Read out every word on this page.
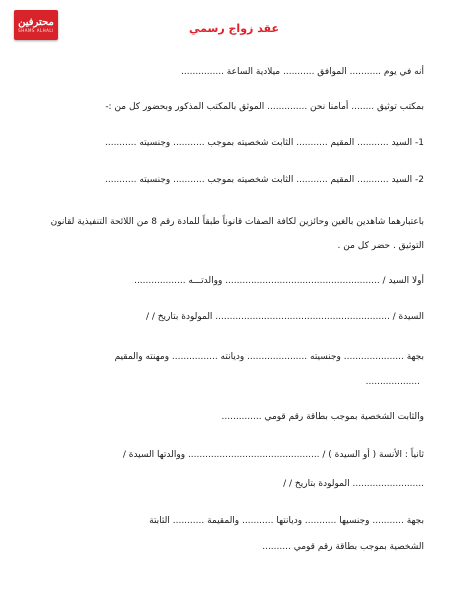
محترفين
SHAMS ALHALI	عقد زواج رسمي

أنه في يوم ........... الموافق ........... ميلادية الساعة ...............

بمكتب توثيق ........ أمامنا نحن .............. الموثق بالمكتب المذكور وبحضور كل من :-

1- السيد ........... المقيم ........... الثابت شخصيته بموجب ........... وجنسيته ...........

2- السيد ........... المقيم ........... الثابت شخصيته بموجب ........... وجنسيته ...........

باعتبارهما شاهدين بالغين وحائزين لكافة الصفات قانوناً طبقاً للمادة رقم 8 من اللائحة التنفيذية لقانون التوثيق . حضر كل من .

أولا السيد / ...................................................... ووالدتـــه ..................

السيدة / ............................................................. المولودة بتاريخ / /

بجهة ..................... وجنسيته ..................... وديانته ................ ومهنته والمقيم

...................

والثابت الشخصية بموجب بطاقة رقم قومي ..............

ثانياً : الأنسة ( أو السيدة ) / .............................................. ووالدتها السيدة /

......................... المولودة بتاريخ / /

بجهة ........... وجنسيها ........... وديانتها ........... والمقيمة ........... الثابتة

الشخصية بموجب بطاقة رقم قومي ..........
